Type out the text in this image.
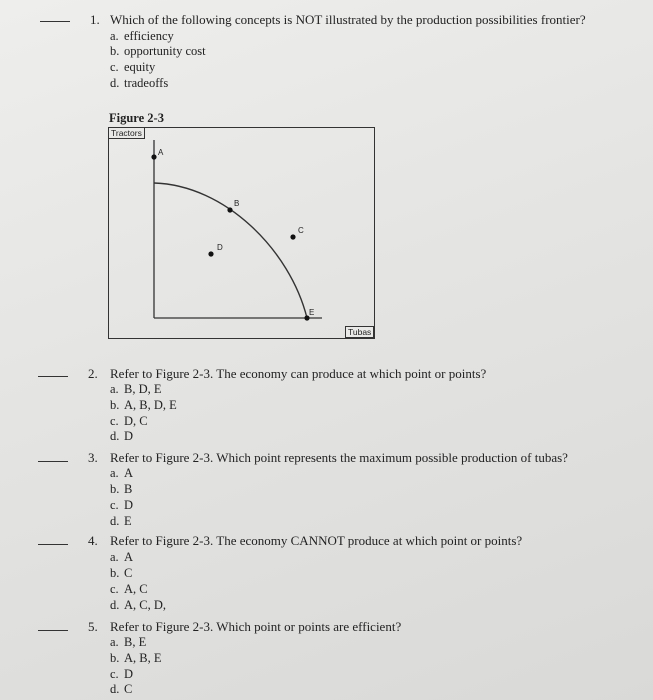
1. Which of the following concepts is NOT illustrated by the production possibilities frontier?
a. efficiency
b. opportunity cost
c. equity
d. tradeoffs
Figure 2-3
Tractors
Tubas
A
B
C
D
E
2. Refer to Figure 2-3. The economy can produce at which point or points?
a. B, D, E
b. A, B, D, E
c. D, C
d. D
3. Refer to Figure 2-3. Which point represents the maximum possible production of tubas?
a. A
b. B
c. D
d. E
4. Refer to Figure 2-3. The economy CANNOT produce at which point or points?
a. A
b. C
c. A, C
d. A, C, D,
5. Refer to Figure 2-3. Which point or points are efficient?
a. B, E
b. A, B, E
c. D
d. C
